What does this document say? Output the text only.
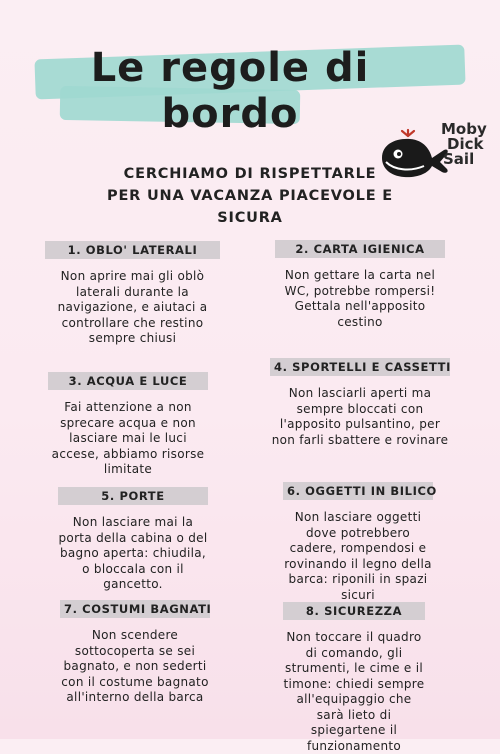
Le regole di bordo	Moby
Dick
Sail
CERCHIAMO DI RISPETTARLE
PER UNA VACANZA PIACEVOLE E SICURA
1. OBLO' LATERALI
Non aprire mai gli oblò laterali durante la navigazione, e aiutaci a controllare che restino sempre chiusi
2. CARTA IGIENICA
Non gettare la carta nel WC, potrebbe rompersi! Gettala nell'apposito cestino
3. ACQUA E LUCE
Fai attenzione a non sprecare acqua e non lasciare mai le luci accese, abbiamo risorse limitate
4. SPORTELLI E CASSETTI
Non lasciarli aperti ma sempre bloccati con l'apposito pulsantino, per non farli sbattere e rovinare
5. PORTE
Non lasciare mai la porta della cabina o del bagno aperta: chiudila, o bloccala con il gancetto.
6. OGGETTI IN BILICO
Non lasciare oggetti dove potrebbero cadere, rompendosi e rovinando il legno della barca: riponili in spazi sicuri
7. COSTUMI BAGNATI
Non scendere sottocoperta se sei bagnato, e non sederti con il costume bagnato all'interno della barca
8. SICUREZZA
Non toccare il quadro di comando, gli strumenti, le cime e il timone: chiedi sempre all'equipaggio che sarà lieto di spiegartene il funzionamento
